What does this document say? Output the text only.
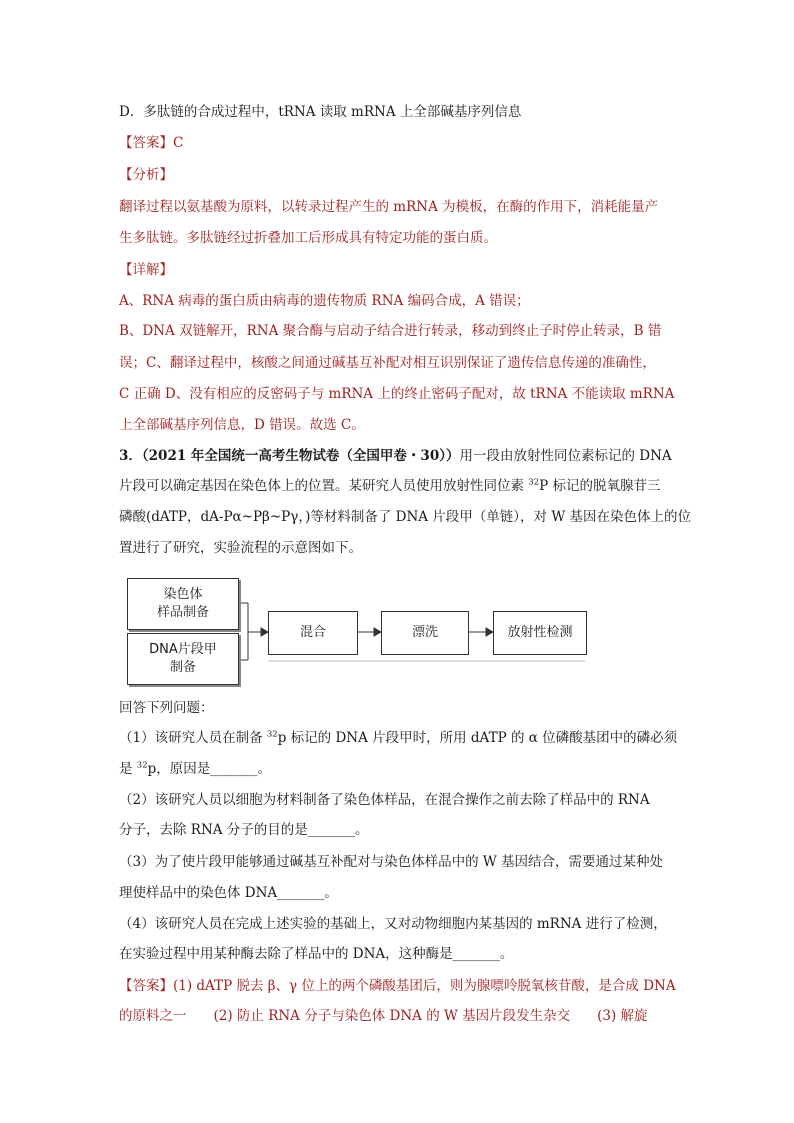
D．多肽链的合成过程中，tRNA 读取 mRNA 上全部碱基序列信息
【答案】C
【分析】
翻译过程以氨基酸为原料，以转录过程产生的 mRNA 为模板，在酶的作用下，消耗能量产
生多肽链。多肽链经过折叠加工后形成具有特定功能的蛋白质。
【详解】
A、RNA 病毒的蛋白质由病毒的遗传物质 RNA 编码合成，A 错误；
B、DNA 双链解开，RNA 聚合酶与启动子结合进行转录，移动到终止子时停止转录，B 错
误；C、翻译过程中，核酸之间通过碱基互补配对相互识别保证了遗传信息传递的准确性，
C 正确 D、没有相应的反密码子与 mRNA 上的终止密码子配对，故 tRNA 不能读取 mRNA
上全部碱基序列信息，D 错误。故选 C。
3．（2021 年全国统一高考生物试卷（全国甲卷・30））用一段由放射性同位素标记的 DNA
片段可以确定基因在染色体上的位置。某研究人员使用放射性同位素 $^{32}$P 标记的脱氧腺苷三
磷酸(dATP，dA-Pα~Pβ~Pγ，)等材料制备了 DNA 片段甲（单链），对 W 基因在染色体上的位
置进行了研究，实验流程的示意图如下。
染色体
样品制备
DNA片段甲
制备
混合	漂洗	放射性检测
回答下列问题：
（1）该研究人员在制备 $^{32}$p 标记的 DNA 片段甲时，所用 dATP 的 α 位磷酸基团中的磷必须
是 $^{32}$p，原因是_______。
（2）该研究人员以细胞为材料制备了染色体样品，在混合操作之前去除了样品中的 RNA
分子，去除 RNA 分子的目的是_______。
（3）为了使片段甲能够通过碱基互补配对与染色体样品中的 W 基因结合，需要通过某种处
理使样品中的染色体 DNA_______。
（4）该研究人员在完成上述实验的基础上，又对动物细胞内某基因的 mRNA 进行了检测，
在实验过程中用某种酶去除了样品中的 DNA，这种酶是_______。
【答案】(1) dATP 脱去 β、γ 位上的两个磷酸基团后，则为腺嘌呤脱氧核苷酸，是合成 DNA
的原料之一　　(2) 防止 RNA 分子与染色体 DNA 的 W 基因片段发生杂交　　(3) 解旋
